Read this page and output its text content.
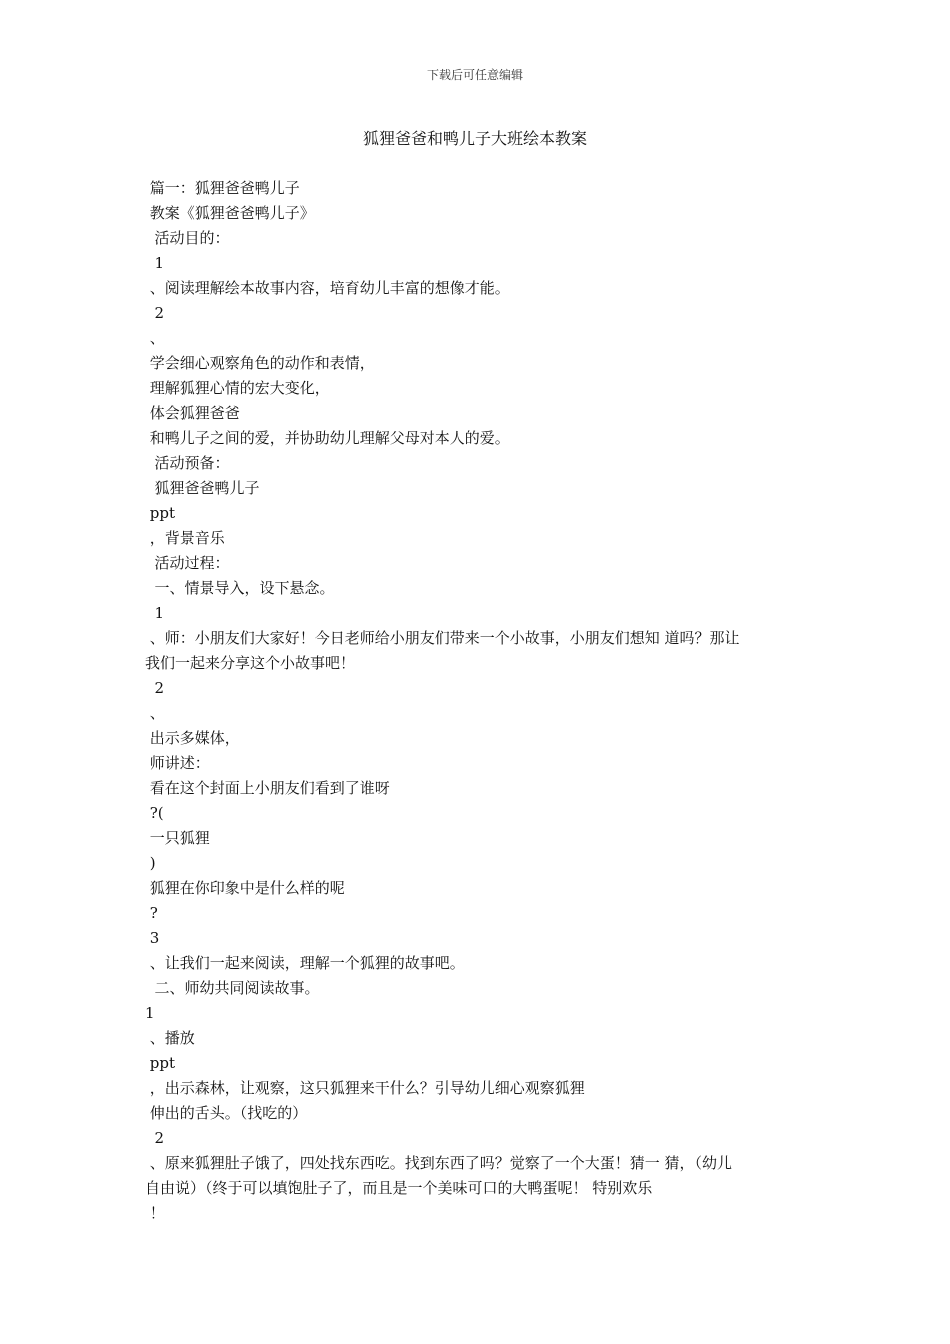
下载后可任意编辑
狐狸爸爸和鸭儿子大班绘本教案
篇一：狐狸爸爸鸭儿子
教案《狐狸爸爸鸭儿子》
活动目的：
1
、阅读理解绘本故事内容，培育幼儿丰富的想像才能。
2
、
学会细心观察角色的动作和表情，
理解狐狸心情的宏大变化，
体会狐狸爸爸
和鸭儿子之间的爱，并协助幼儿理解父母对本人的爱。
活动预备：
狐狸爸爸鸭儿子
ppt
，背景音乐
活动过程：
一、情景导入，设下悬念。
1
、师：小朋友们大家好！今日老师给小朋友们带来一个小故事，小朋友们想知 道吗？那让
我们一起来分享这个小故事吧！
2
、
出示多媒体，
师讲述：
看在这个封面上小朋友们看到了谁呀
?(
一只狐狸
)
狐狸在你印象中是什么样的呢
?
3
、让我们一起来阅读，理解一个狐狸的故事吧。
二、师幼共同阅读故事。
1
、播放
ppt
，出示森林，让观察，这只狐狸来干什么？引导幼儿细心观察狐狸
伸出的舌头。（找吃的）
2
、原来狐狸肚子饿了，四处找东西吃。找到东西了吗？觉察了一个大蛋！猜一 猜，（幼儿
自由说）（终于可以填饱肚子了，而且是一个美味可口的大鸭蛋呢！ 特别欢乐
！
